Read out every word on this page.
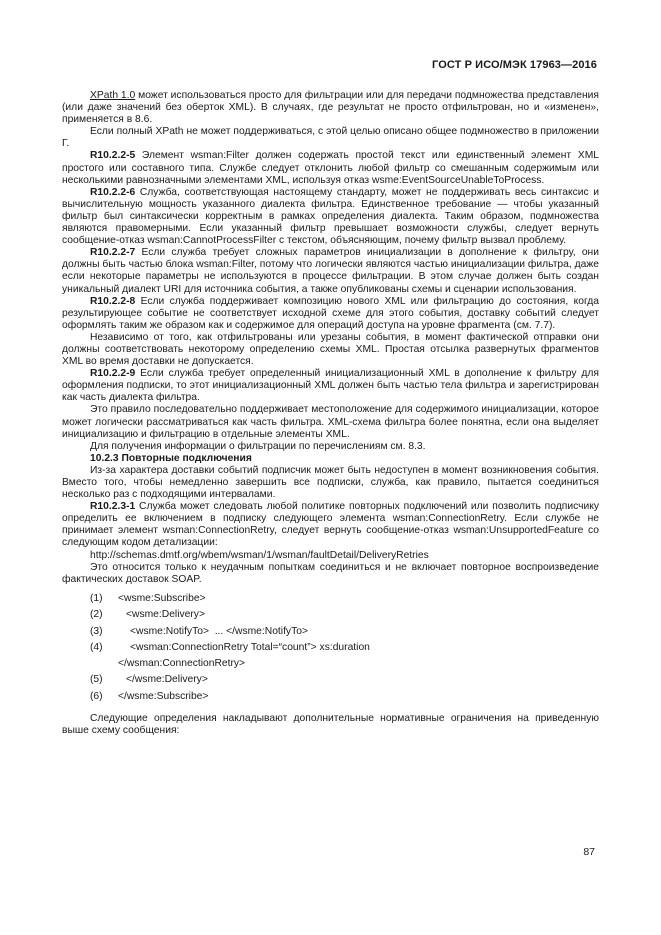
ГОСТ Р ИСО/МЭК 17963—2016

XPath 1.0 может использоваться просто для фильтрации или для передачи подмножества представления (или даже значений без оберток XML). В случаях, где результат не просто отфильтрован, но и «изменен», применяется в 8.6.

Если полный XPath не может поддерживаться, с этой целью описано общее подмножество в приложении Г.

R10.2.2-5 Элемент wsman:Filter должен содержать простой текст или единственный элемент XML простого или составного типа. Службе следует отклонить любой фильтр со смешанным содержимым или несколькими равнозначными элементами XML, используя отказ wsme:EventSourceUnableToProcess.

R10.2.2-6 Служба, соответствующая настоящему стандарту, может не поддерживать весь синтаксис и вычислительную мощность указанного диалекта фильтра. Единственное требование — чтобы указанный фильтр был синтаксически корректным в рамках определения диалекта. Таким образом, подмножества являются правомерными. Если указанный фильтр превышает возможности службы, следует вернуть сообщение-отказ wsman:CannotProcessFilter с текстом, объясняющим, почему фильтр вызвал проблему.

R10.2.2-7 Если служба требует сложных параметров инициализации в дополнение к фильтру, они должны быть частью блока wsman:Filter, потому что логически являются частью инициализации фильтра, даже если некоторые параметры не используются в процессе фильтрации. В этом случае должен быть создан уникальный диалект URI для источника события, а также опубликованы схемы и сценарии использования.

R10.2.2-8 Если служба поддерживает композицию нового XML или фильтрацию до состояния, когда результирующее событие не соответствует исходной схеме для этого события, доставку событий следует оформлять таким же образом как и содержимое для операций доступа на уровне фрагмента (см. 7.7).

Независимо от того, как отфильтрованы или урезаны события, в момент фактической отправки они должны соответствовать некоторому определению схемы XML. Простая отсылка развернутых фрагментов XML во время доставки не допускается.

R10.2.2-9 Если служба требует определенный инициализационный XML в дополнение к фильтру для оформления подписки, то этот инициализационный XML должен быть частью тела фильтра и зарегистрирован как часть диалекта фильтра.

Это правило последовательно поддерживает местоположение для содержимого инициализации, которое может логически рассматриваться как часть фильтра. XML-схема фильтра более понятна, если она выделяет инициализацию и фильтрацию в отдельные элементы XML.

Для получения информации о фильтрации по перечислениям см. 8.3.

10.2.3 Повторные подключения

Из-за характера доставки событий подписчик может быть недоступен в момент возникновения события. Вместо того, чтобы немедленно завершить все подписки, служба, как правило, пытается соединиться несколько раз с подходящими интервалами.

R10.2.3-1 Служба может следовать любой политике повторных подключений или позволить подписчику определить ее включением в подписку следующего элемента wsman:ConnectionRetry. Если службе не принимает элемент wsman:ConnectionRetry, следует вернуть сообщение-отказ wsman:UnsupportedFeature со следующим кодом детализации:

http://schemas.dmtf.org/wbem/wsman/1/wsman/faultDetail/DeliveryRetries

Это относится только к неудачным попыткам соединиться и не включает повторное воспроизведение фактических доставок SOAP.

(1)	<wsme:Subscribe>
(2)	<wsme:Delivery>
(3)	<wsme:NotifyTo>  ... </wsme:NotifyTo>
(4)	<wsman:ConnectionRetry Total=“count”> xs:duration
</wsman:ConnectionRetry>
(5)	</wsme:Delivery>
(6)	</wsme:Subscribe>

Следующие определения накладывают дополнительные нормативные ограничения на приведенную выше схему сообщения:

87
